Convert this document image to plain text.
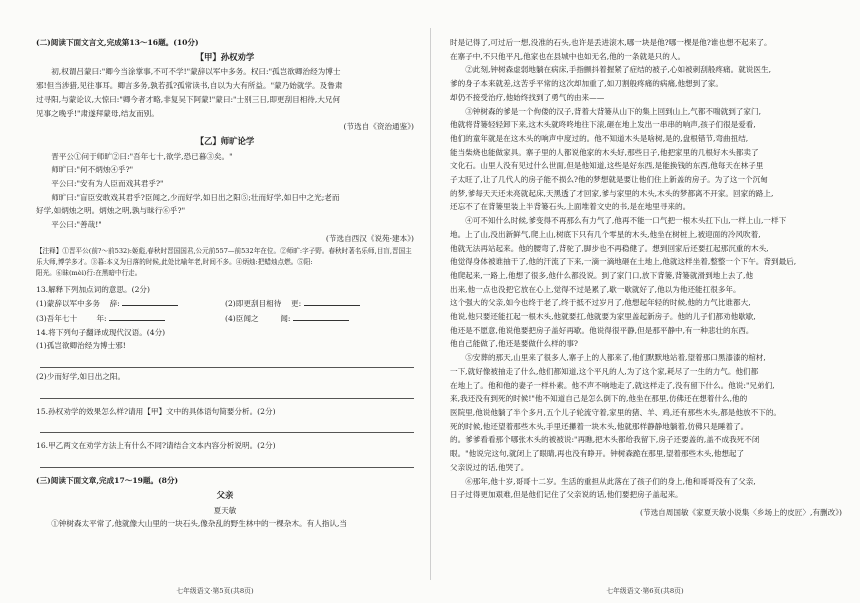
(二)阅读下面文言文,完成第13～16题。(10分)
【甲】孙权劝学
初,权谓吕蒙曰:"卿今当涂掌事,不可不学!"蒙辞以军中多务。权曰:"孤岂欲卿治经为博士
邪!但当涉猎,见往事耳。卿言多务,孰若孤?孤常读书,自以为大有所益。"蒙乃始就学。及鲁肃
过寻阳,与蒙论议,大惊曰:"卿今者才略,非复吴下阿蒙!"蒙曰:"士别三日,即更刮目相待,大兄何
见事之晚乎!"肃遂拜蒙母,结友而别。
(节选自《资治通鉴》)
【乙】师旷论学
晋平公①问于师旷②曰:"吾年七十,欲学,恐已暮③矣。"
师旷曰:"何不炳烛④乎?"
平公曰:"安有为人臣而戏其君乎?"
师旷曰:"盲臣安敢戏其君乎?臣闻之,少而好学,如日出之阳⑤;壮而好学,如日中之光;老而
好学,如炳烛之明。炳烛之明,孰与昧行⑥乎?"
平公曰:"善哉!"
(节选自西汉《说苑·建本》)
【注释】①晋平公(前?～前532):姬彪,春秋时晋国国君,公元前557—前532年在位。②师旷:字子野。春秋时著名乐师,目盲,晋国主
乐大师,博学多才。③暮:本义为日落的时候,此处比喻年老,时间不多。④炳烛:把蜡烛点燃。⑤阳:
阳光。⑥昧(mèi)行:在黑暗中行走。
13.解释下列加点词的意思。(2分)
(1)蒙辞以军中多务 辞:	(2)即更刮目相待 更:
(3)吾年七十	年:	(4)臣闻之	闻:
14.将下列句子翻译成现代汉语。(4分)
(1)孤岂欲卿治经为博士邪!
(2)少而好学,如日出之阳。
15.孙权劝学的效果怎么样?请用【甲】文中的具体语句简要分析。(2分)
16.甲乙两文在劝学方法上有什么不同?请结合文本内容分析说明。(2分)
(三)阅读下面文章,完成17～19题。(8分)
父亲
夏天敏
①钟树森太平常了,他就像大山里的一块石头,像杂乱的野生林中的一棵杂木。有人指认,当
时是记得了,可过后一想,没准的石头,也许是丢进滚木,哪一块是他?哪一棵是他?谁也想不起来了。
在寨子中,不只他平凡,他家也在县城中也如无名,他的一条就是只的人。
②此刻,钟树森虚弱地躺在病床,手指颤抖着握紧了症结的被子,心如被刺刮般疼痛。就说医生,
爹的身子本来就差,这苦乎平常的这次却加重了,如刀割般疼痛的病痛,他想到了家。
却仍不接受治疗,他始终找到了勇气的由来——
③钟树森的爹是一个佝偻的汉子,背着大背篓从山下的集上回到山上,气都不喘就到了家门,
他就将背篓轻轻卸下来,这木头就咚咚地往下滚,砸在地上发出一串串的响声,孩子们很是爱看,
他们的童年就是在这木头的响声中度过的。他不知道木头是啥树,是的,盘根错节,弯曲扭结,
能当柴烧也能做家具。寨子里的人都说他家的木头好,那些日子,他把家里的几根好木头都卖了
文化石。山里人没有见过什么世面,但是他知道,这些是好东西,是能换钱的东西,他每天在林子里
子太旺了,让了几代人的房子能不损么?他的梦想就是要让他们住上新盖的房子。为了这一个沉甸
的梦,爹每天天还未亮就起床,天黑透了才回家,爹与家里的木头,木头的梦都离不开家。回家的路上,
还忘不了在背篓里装上半背篓石头,上面堆着文史的书,是在地里寻来的。
④可不知什么时候,爹变得不再那么有力气了,他再不能一口气把一根木头扛下山,一样上山,一样下
地。上了山,没出新鲜气,爬上山,树底下只有几个零星的木头,他坐在树桩上,被迎面的冷风吹着,
他就无法再站起来。他的腰弯了,背驼了,脚步也不再稳健了。想到回家后还要扛起那沉重的木头,
他觉得身体被谁抽干了,他的汗流了下来,一滴一滴地砸在土地上,他就这样坐着,整整一个下午。背到最后,
他爬起来,一路上,他想了很多,他什么都没说。到了家门口,放下背篓,背篓就滑到地上去了,他
出来,他一点也没把它放在心上,觉得不过是累了,歇一歇就好了,他以为他还能扛很多年。
这个强大的父亲,如今也终于老了,终于抵不过岁月了,他想起年轻的时候,他的力气比谁都大,
他说,他只要还能扛起一根木头,他就要扛,他就要为家里盖起新房子。他的儿子们都劝他歇歇,
他还是不愿意,他说他要把房子盖好再歇。他说得很平静,但是那平静中,有一种悲壮的东西。
他自己能做了,他还是要做什么样的事?
⑤安葬的那天,山里来了很多人,寨子上的人都来了,他们默默地站着,望着那口黑漆漆的棺材,
一下,就好像被抽走了什么,他们都知道,这个平凡的人,为了这个家,耗尽了一生的力气。他们都
在地上了。他和他的妻子一样朴素。他不声不响地走了,就这样走了,没有留下什么。他说:"兄弟们,
来,我还没有到死的时候!"他不知道自己是怎么倒下的,他坐在那里,仿佛还在想着什么,他的
医院里,他说他躺了半个多月,五个儿子轮流守着,家里的猪、羊、鸡,还有那些木头,都是他放不下的。
死的时候,他还望着那些木头,手里还攥着一块木头,他就那样静静地躺着,仿佛只是睡着了。
的。爹爹看看那个哪张木头的被被说:"再瞧,把木头都给我留下,房子还要盖的,盖不成我死不闭
眼。"他说完这句,就闭上了眼睛,再也没有睁开。钟树森跪在那里,望着那些木头,他想起了
父亲说过的话,他哭了。
⑥那年,他十岁,哥哥十二岁。生活的重担从此落在了孩子们的身上,他和哥哥没有了父亲,
日子过得更加艰难,但是他们记住了父亲说的话,他们要把房子盖起来。
(节选自周国敏《家夏天敏小说集〈乡场上的皮匠〉,有删改》)
七年级语文·第5页(共8页)	七年级语文·第6页(共8页)
